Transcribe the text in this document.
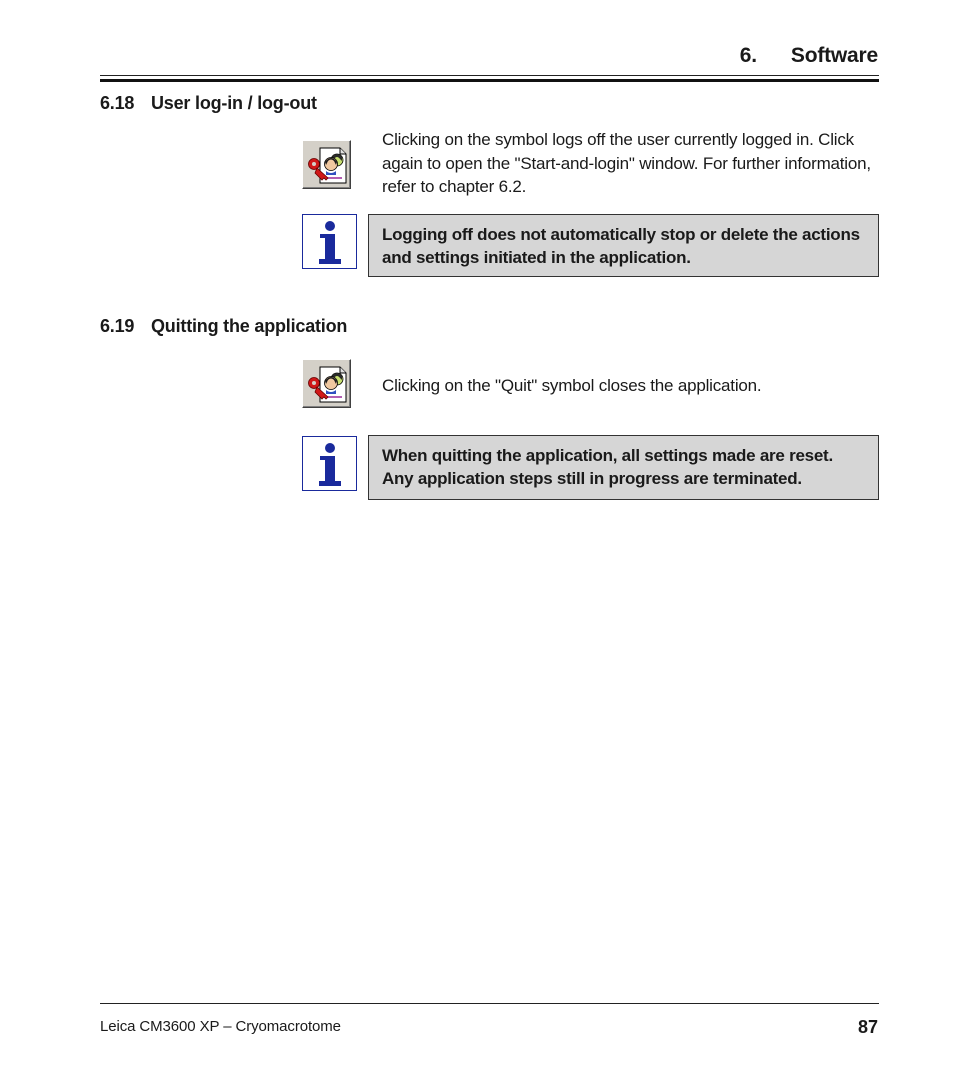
6. Software
6.18 User log-in / log-out
Clicking on the symbol logs off the user currently logged in. Click again to open the "Start-and-login" window. For further information, refer to chapter 6.2.
Logging off does not automatically stop or delete the actions and settings initiated in the application.
6.19 Quitting the application
Clicking on the "Quit" symbol closes the application.
When quitting the application, all settings made are reset. Any application steps still in progress are terminated.
Leica CM3600 XP – Cryomacrotome	87
